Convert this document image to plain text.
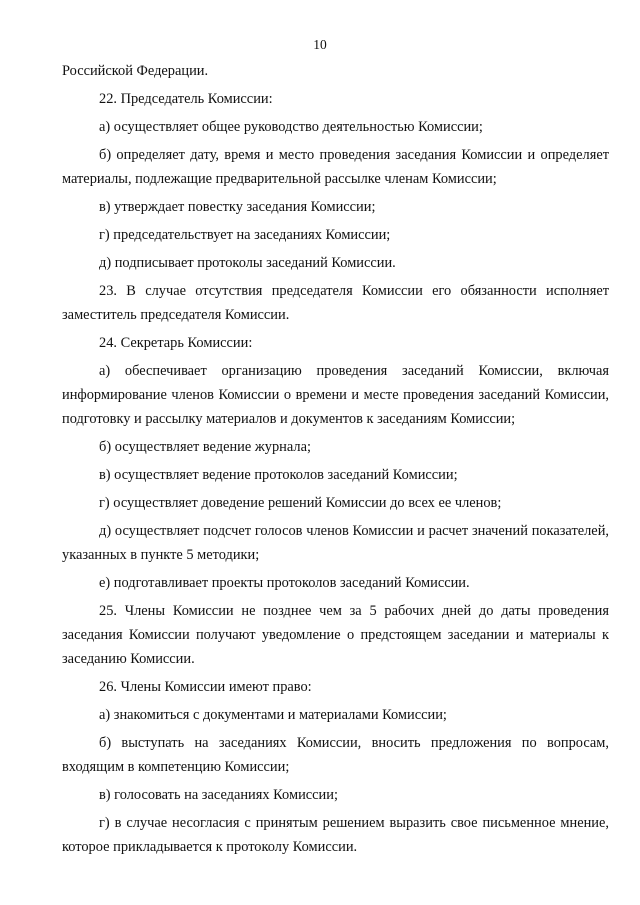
10

Российской Федерации.

22. Председатель Комиссии:

а) осуществляет общее руководство деятельностью Комиссии;

б) определяет дату, время и место проведения заседания Комиссии и определяет материалы, подлежащие предварительной рассылке членам Комиссии;

в) утверждает повестку заседания Комиссии;

г) председательствует на заседаниях Комиссии;

д) подписывает протоколы заседаний Комиссии.

23. В случае отсутствия председателя Комиссии его обязанности исполняет заместитель председателя Комиссии.

24. Секретарь Комиссии:

а) обеспечивает организацию проведения заседаний Комиссии, включая информирование членов Комиссии о времени и месте проведения заседаний Комиссии, подготовку и рассылку материалов и документов к заседаниям Комиссии;

б) осуществляет ведение журнала;

в) осуществляет ведение протоколов заседаний Комиссии;

г) осуществляет доведение решений Комиссии до всех ее членов;

д) осуществляет подсчет голосов членов Комиссии и расчет значений показателей, указанных в пункте 5 методики;

е) подготавливает проекты протоколов заседаний Комиссии.

25. Члены Комиссии не позднее чем за 5 рабочих дней до даты проведения заседания Комиссии получают уведомление о предстоящем заседании и материалы к заседанию Комиссии.

26. Члены Комиссии имеют право:

а) знакомиться с документами и материалами Комиссии;

б) выступать на заседаниях Комиссии, вносить предложения по вопросам, входящим в компетенцию Комиссии;

в) голосовать на заседаниях Комиссии;

г) в случае несогласия с принятым решением выразить свое письменное мнение, которое прикладывается к протоколу Комиссии.
